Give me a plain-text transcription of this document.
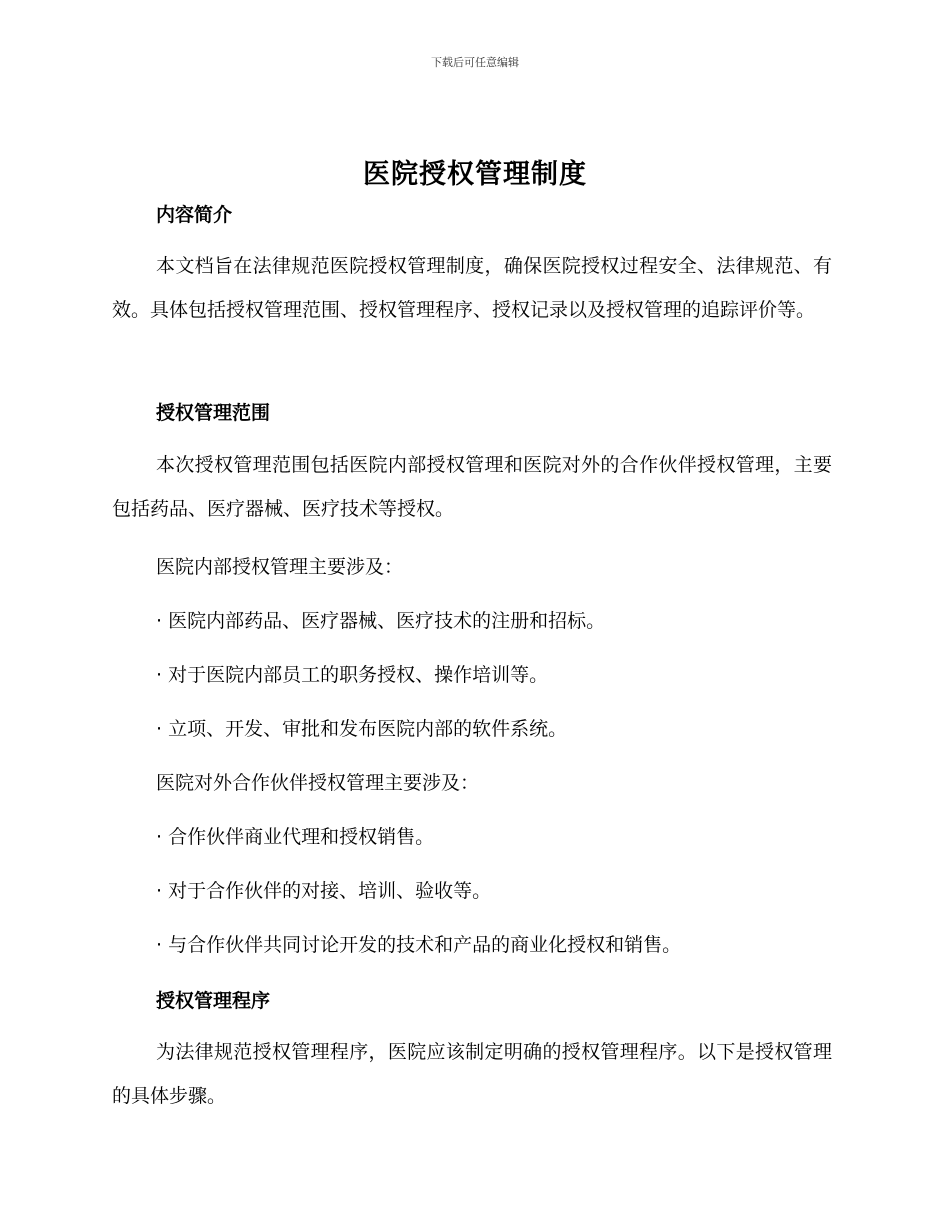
下载后可任意编辑
医院授权管理制度
内容简介

本文档旨在法律规范医院授权管理制度，确保医院授权过程安全、法律规范、有效。具体包括授权管理范围、授权管理程序、授权记录以及授权管理的追踪评价等。

授权管理范围

本次授权管理范围包括医院内部授权管理和医院对外的合作伙伴授权管理，主要包括药品、医疗器械、医疗技术等授权。

医院内部授权管理主要涉及：
· 医院内部药品、医疗器械、医疗技术的注册和招标。
· 对于医院内部员工的职务授权、操作培训等。
· 立项、开发、审批和发布医院内部的软件系统。
医院对外合作伙伴授权管理主要涉及：
· 合作伙伴商业代理和授权销售。
· 对于合作伙伴的对接、培训、验收等。
· 与合作伙伴共同讨论开发的技术和产品的商业化授权和销售。
授权管理程序

为法律规范授权管理程序，医院应该制定明确的授权管理程序。以下是授权管理的具体步骤。
